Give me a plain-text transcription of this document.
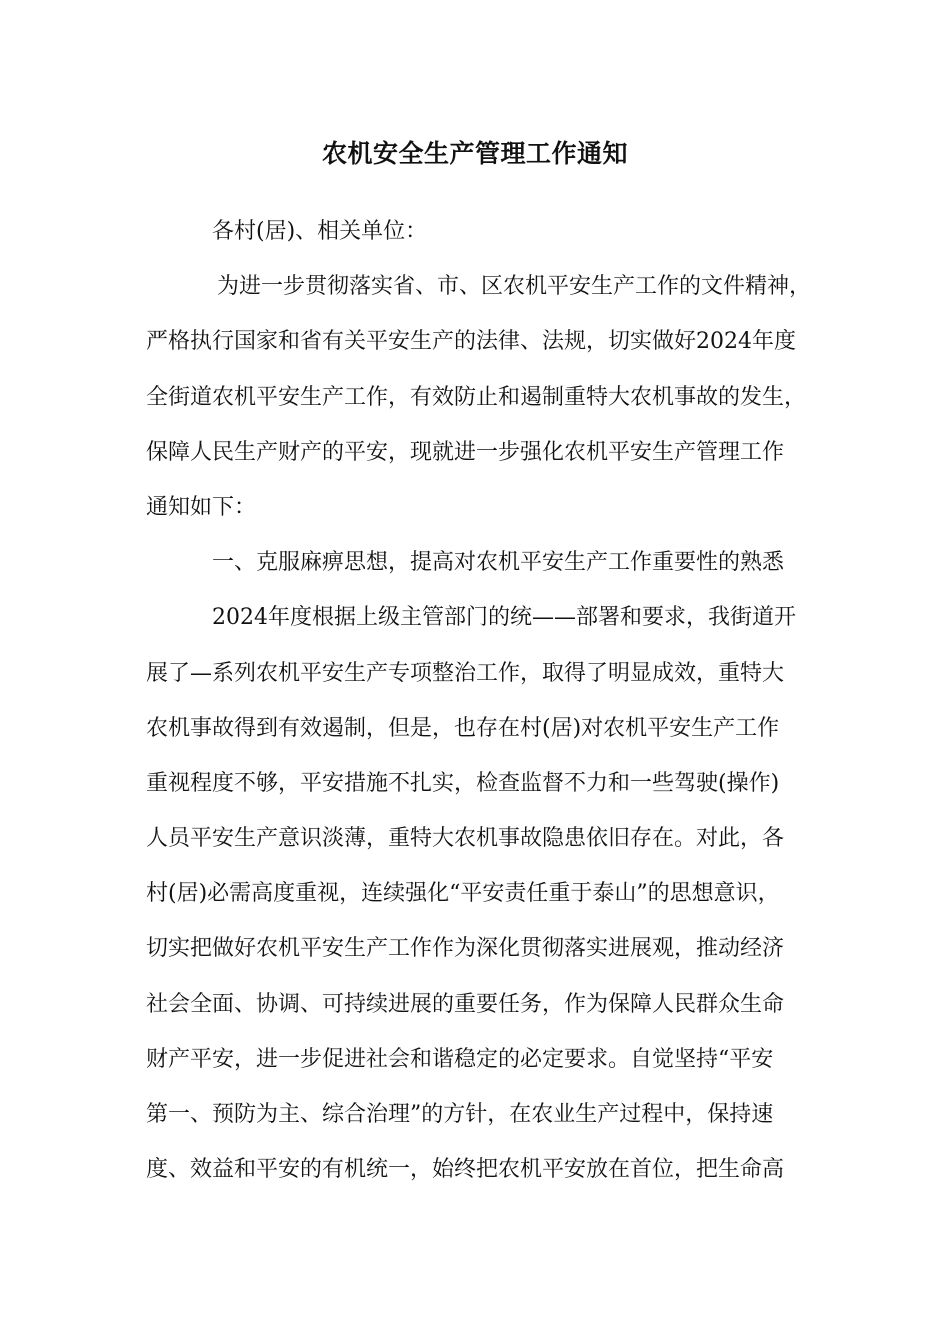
农机安全生产管理工作通知
各村(居)、相关单位：
为进一步贯彻落实省、市、区农机平安生产工作的文件精神，
严格执行国家和省有关平安生产的法律、法规，切实做好2024年度
全街道农机平安生产工作，有效防止和遏制重特大农机事故的发生，
保障人民生产财产的平安，现就进一步强化农机平安生产管理工作
通知如下：
一、克服麻痹思想，提高对农机平安生产工作重要性的熟悉
2024年度根据上级主管部门的统——部署和要求，我街道开
展了—系列农机平安生产专项整治工作，取得了明显成效，重特大
农机事故得到有效遏制，但是，也存在村(居)对农机平安生产工作
重视程度不够，平安措施不扎实，检查监督不力和一些驾驶(操作)
人员平安生产意识淡薄，重特大农机事故隐患依旧存在。对此，各
村(居)必需高度重视，连续强化“平安责任重于泰山”的思想意识，
切实把做好农机平安生产工作作为深化贯彻落实进展观，推动经济
社会全面、协调、可持续进展的重要任务，作为保障人民群众生命
财产平安，进一步促进社会和谐稳定的必定要求。自觉坚持“平安
第一、预防为主、综合治理”的方针，在农业生产过程中，保持速
度、效益和平安的有机统一，始终把农机平安放在首位，把生命高
